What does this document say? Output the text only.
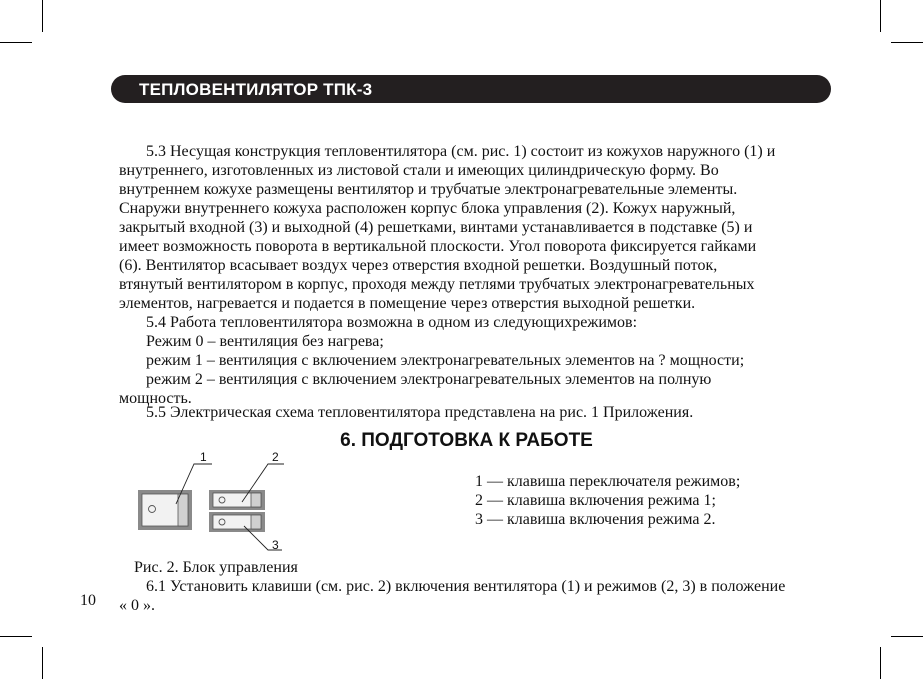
ТЕПЛОВЕНТИЛЯТОР ТПК-3
5.3 Несущая конструкция тепловентилятора (см. рис. 1) состоит из кожухов наружного (1) и
внутреннего, изготовленных из листовой стали и имеющих цилиндрическую форму. Во
внутреннем кожухе размещены вентилятор и трубчатые электронагревательные элементы.
Снаружи внутреннего кожуха расположен корпус блока управления (2). Кожух наружный,
закрытый входной (3) и выходной (4) решетками, винтами устанавливается в подставке (5) и
имеет возможность поворота в вертикальной плоскости. Угол поворота фиксируется гайками
(6). Вентилятор всасывает воздух через отверстия входной решетки. Воздушный поток,
втянутый вентилятором в корпус, проходя между петлями трубчатых электронагревательных
элементов, нагревается и подается в помещение через отверстия выходной решетки.
5.4 Работа тепловентилятора возможна в одном из следующихрежимов:
Режим 0 – вентиляция без нагрева;
режим 1 – вентиляция с включением электронагревательных элементов на ? мощности;
режим 2 – вентиляция с включением электронагревательных элементов на полную
мощность.
5.5 Электрическая схема тепловентилятора представлена на рис. 1 Приложения.
6. ПОДГОТОВКА К РАБОТЕ
1	2
3
1 — клавиша переключателя режимов;
2 — клавиша включения режима 1;
3 — клавиша включения режима 2.
Рис. 2. Блок управления
6.1 Установить клавиши (см. рис. 2) включения вентилятора (1) и режимов (2, 3) в положение
« 0 ».
10
